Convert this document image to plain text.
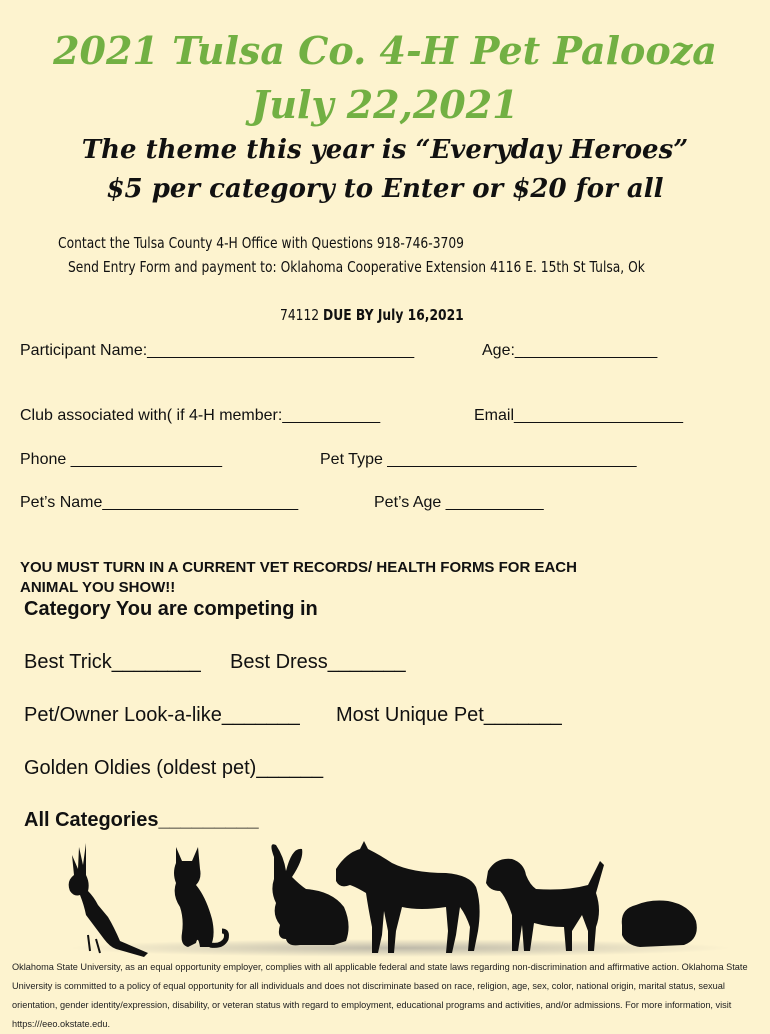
2021 Tulsa Co. 4-H Pet Palooza
July 22,2021
The theme this year is “Everyday Heroes”
$5 per category to Enter or $20 for all
Contact the Tulsa County 4-H Office with Questions 918-746-3709
Send Entry Form and payment to: Oklahoma Cooperative Extension 4116 E. 15th St Tulsa, Ok
74112 DUE BY July 16,2021
Participant Name:______________________________	Age:________________
Club associated with( if 4-H member:___________	Email___________________
Phone _________________	Pet Type ____________________________
Pet’s Name______________________	Pet’s Age ___________
YOU MUST TURN IN A CURRENT VET RECORDS/ HEALTH FORMS FOR EACH
ANIMAL YOU SHOW!!
Category You are competing in
Best Trick________ Best Dress_______
Pet/Owner Look-a-like_______ Most Unique Pet_______
Golden Oldies (oldest pet)______
All Categories_________
Oklahoma State University, as an equal opportunity employer, complies with all applicable federal and state laws regarding non-discrimination and affirmative action. Oklahoma State University is committed to a policy of equal opportunity for all individuals and does not discriminate based on race, religion, age, sex, color, national origin, marital status, sexual orientation, gender identity/expression, disability, or veteran status with regard to employment, educational programs and activities, and/or admissions. For more information, visit https:///eeo.okstate.edu.
